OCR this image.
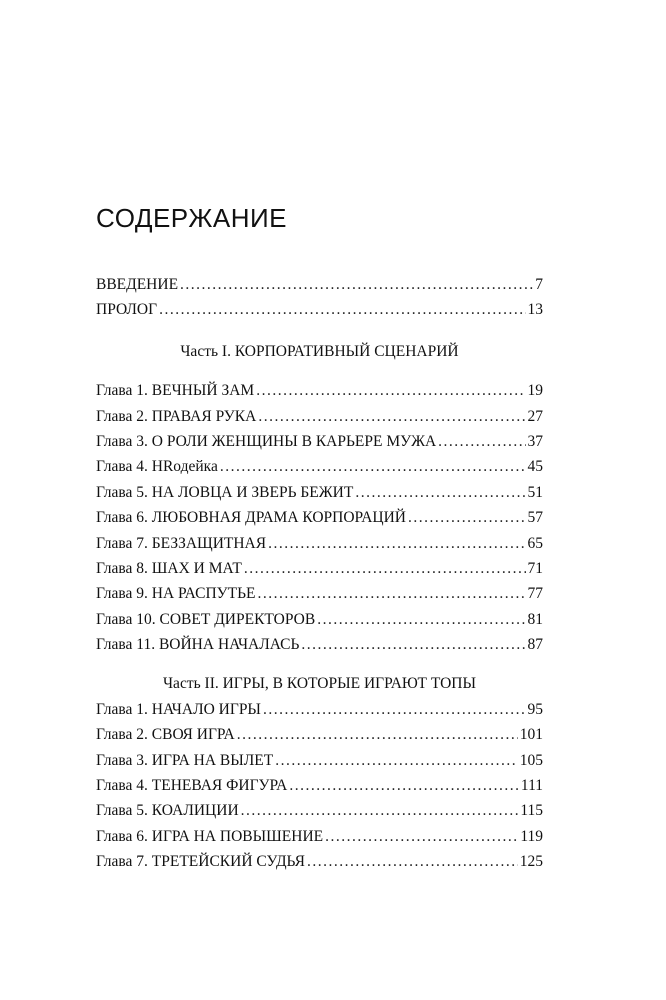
СОДЕРЖАНИЕ
ВВЕДЕНИЕ .....	7
ПРОЛОГ .....	13
Часть I. КОРПОРАТИВНЫЙ СЦЕНАРИЙ
Глава 1. ВЕЧНЫЙ ЗАМ .....	19
Глава 2. ПРАВАЯ РУКА .....	27
Глава 3. О РОЛИ ЖЕНЩИНЫ В КАРЬЕРЕ МУЖА .....	37
Глава 4. HRодейка .....	45
Глава 5. НА ЛОВЦА И ЗВЕРЬ БЕЖИТ .....	51
Глава 6. ЛЮБОВНАЯ ДРАМА КОРПОРАЦИЙ .....	57
Глава 7. БЕЗЗАЩИТНАЯ .....	65
Глава 8. ШАХ И МАТ .....	71
Глава 9. НА РАСПУТЬЕ .....	77
Глава 10. СОВЕТ ДИРЕКТОРОВ .....	81
Глава 11. ВОЙНА НАЧАЛАСЬ .....	87
Часть II. ИГРЫ, В КОТОРЫЕ ИГРАЮТ ТОПЫ
Глава 1. НАЧАЛО ИГРЫ .....	95
Глава 2. СВОЯ ИГРА .....	101
Глава 3. ИГРА НА ВЫЛЕТ .....	105
Глава 4. ТЕНЕВАЯ ФИГУРА .....	111
Глава 5. КОАЛИЦИИ .....	115
Глава 6. ИГРА НА ПОВЫШЕНИЕ .....	119
Глава 7. ТРЕТЕЙСКИЙ СУДЬЯ .....	125
